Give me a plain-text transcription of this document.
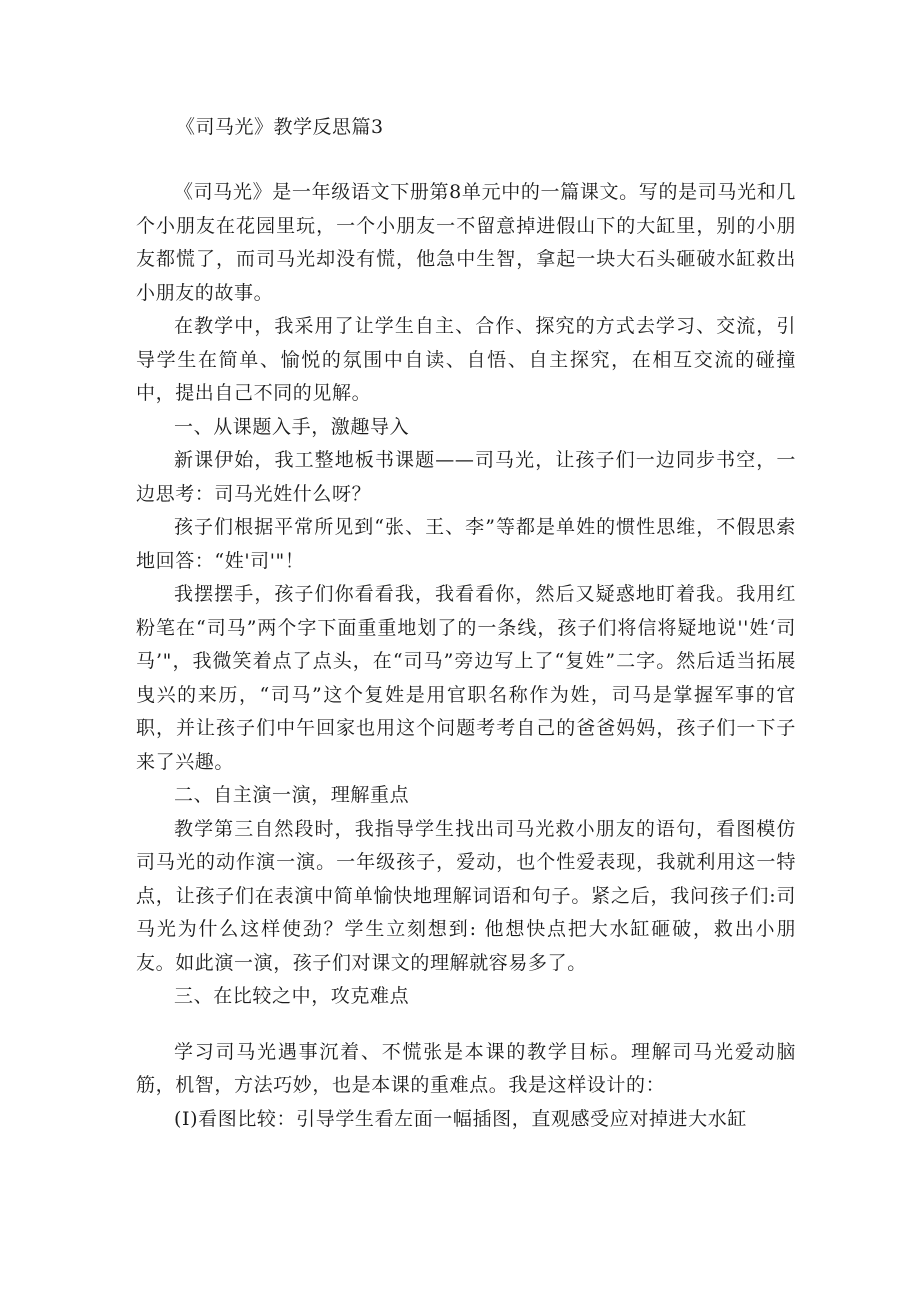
《司马光》教学反思篇3

《司马光》是一年级语文下册第8单元中的一篇课文。写的是司马光和几个小朋友在花园里玩，一个小朋友一不留意掉进假山下的大缸里，别的小朋友都慌了，而司马光却没有慌，他急中生智，拿起一块大石头砸破水缸救出小朋友的故事。

在教学中，我采用了让学生自主、合作、探究的方式去学习、交流，引导学生在简单、愉悦的氛围中自读、自悟、自主探究，在相互交流的碰撞中，提出自己不同的见解。

一、从课题入手，激趣导入

新课伊始，我工整地板书课题——司马光，让孩子们一边同步书空，一边思考：司马光姓什么呀？

孩子们根据平常所见到“张、王、李”等都是单姓的惯性思维，不假思索地回答：“姓'司'"！

我摆摆手，孩子们你看看我，我看看你，然后又疑惑地盯着我。我用红粉笔在“司马”两个字下面重重地划了的一条线，孩子们将信将疑地说''姓‘司马’"，我微笑着点了点头，在“司马”旁边写上了“复姓”二字。然后适当拓展曳兴的来历，“司马”这个复姓是用官职名称作为姓，司马是掌握军事的官职，并让孩子们中午回家也用这个问题考考自己的爸爸妈妈，孩子们一下子来了兴趣。

二、自主演一演，理解重点

教学第三自然段时，我指导学生找出司马光救小朋友的语句，看图模仿司马光的动作演一演。一年级孩子，爱动，也个性爱表现，我就利用这一特点，让孩子们在表演中简单愉快地理解词语和句子。紧之后，我问孩子们:司马光为什么这样使劲？学生立刻想到: 他想快点把大水缸砸破，救出小朋友。如此演一演，孩子们对课文的理解就容易多了。

三、在比较之中，攻克难点

学习司马光遇事沉着、不慌张是本课的教学目标。理解司马光爱动脑筋，机智，方法巧妙，也是本课的重难点。我是这样设计的：

(I)看图比较：引导学生看左面一幅插图，直观感受应对掉进大水缸
